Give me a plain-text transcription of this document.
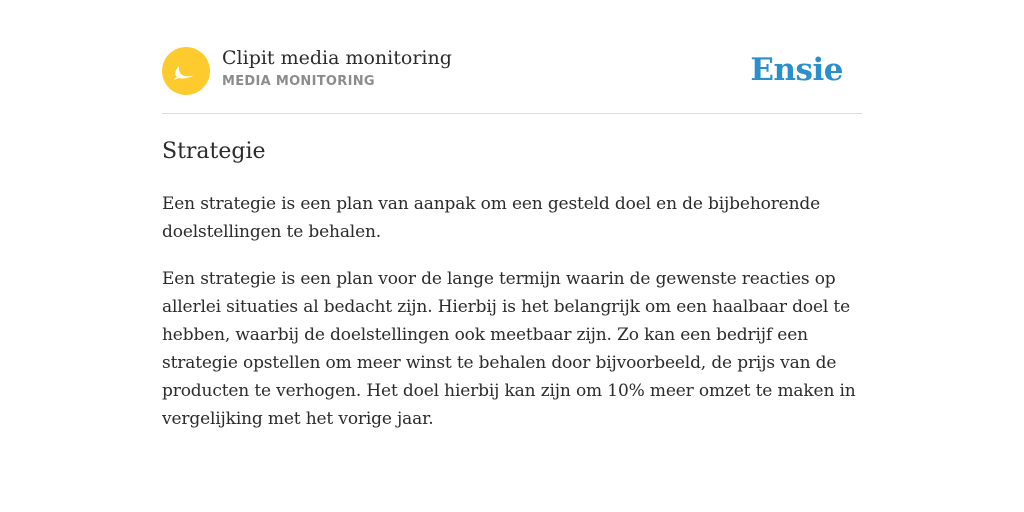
Clipit media monitoring
MEDIA MONITORING	Ensie
Strategie

Een strategie is een plan van aanpak om een gesteld doel en de bijbehorende doelstellingen te behalen.

Een strategie is een plan voor de lange termijn waarin de gewenste reacties op allerlei situaties al bedacht zijn. Hierbij is het belangrijk om een haalbaar doel te hebben, waarbij de doelstellingen ook meetbaar zijn. Zo kan een bedrijf een strategie opstellen om meer winst te behalen door bijvoorbeeld, de prijs van de producten te verhogen. Het doel hierbij kan zijn om 10% meer omzet te maken in vergelijking met het vorige jaar.
